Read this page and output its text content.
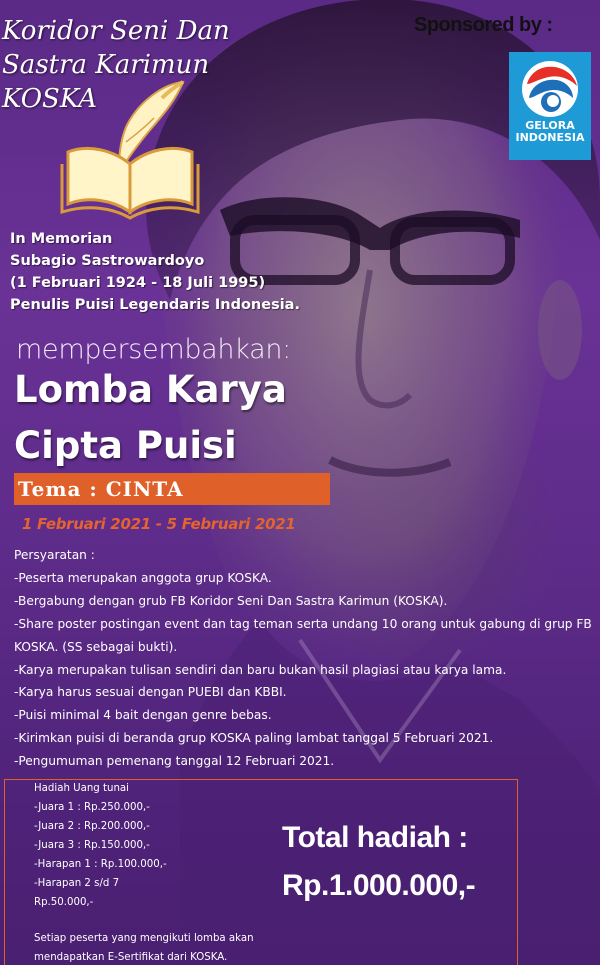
Koridor Seni Dan
Sastra Karimun
KOSKA
Sponsored by :
GELORA
INDONESIA
In Memorian
Subagio Sastrowardoyo
(1 Februari 1924 - 18 Juli 1995)
Penulis Puisi Legendaris Indonesia.
mempersembahkan:
Lomba Karya
Cipta Puisi
Tema : CINTA
1 Februari 2021 - 5 Februari 2021
Persyaratan :
-Peserta merupakan anggota grup KOSKA.
-Bergabung dengan grub FB Koridor Seni Dan Sastra Karimun (KOSKA).
-Share poster postingan event dan tag teman serta undang 10 orang untuk gabung di grup FB KOSKA. (SS sebagai bukti).
-Karya merupakan tulisan sendiri dan baru bukan hasil plagiasi atau karya lama.
-Karya harus sesuai dengan PUEBI dan KBBI.
-Puisi minimal 4 bait dengan genre bebas.
-Kirimkan puisi di beranda grup KOSKA paling lambat tanggal 5 Februari 2021.
-Pengumuman pemenang tanggal 12 Februari 2021.
Hadiah Uang tunai
-Juara 1 : Rp.250.000,-
-Juara 2 : Rp.200.000,-
-Juara 3 : Rp.150.000,-
-Harapan 1 : Rp.100.000,-
-Harapan 2 s/d 7
Rp.50.000,-
Setiap peserta yang mengikuti lomba akan
mendapatkan E-Sertifikat dari KOSKA.
Total hadiah :
Rp.1.000.000,-
